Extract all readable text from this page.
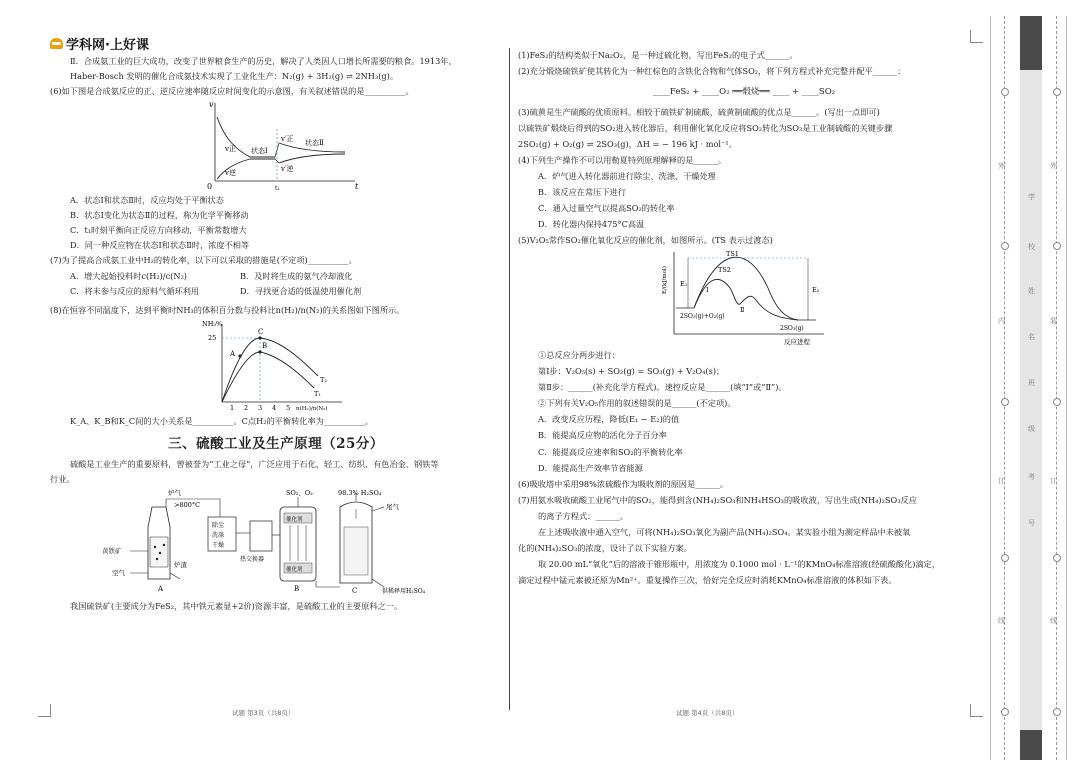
学科网·上好课

Ⅱ．合成氨工业的巨大成功，改变了世界粮食生产的历史，解决了人类因人口增长所需要的粮食。1913年，

Haber-Bosch 发明的催化合成氨技术实现了工业化生产：N₂(g) + 3H₂(g) ⇌ 2NH₃(g)。

(6)如下图是合成氨反应的正、逆反应速率随反应时间变化的示意图，有关叙述错误的是__________。

v
t
0
v正
v逆
v′正
v′逆
状态Ⅰ
状态Ⅱ
t₁

A．状态Ⅰ和状态Ⅱ时，反应均处于平衡状态

B．状态Ⅰ变化为状态Ⅱ的过程，称为化学平衡移动

C．t₁时刻平衡向正反应方向移动，平衡常数增大

D．同一种反应物在状态Ⅰ和状态Ⅱ时，浓度不相等

(7)为了提高合成氨工业中H₂的转化率，以下可以采取的措施是(不定项)__________。

A．增大起始投料时c(H₂)/c(N₂)	B．及时将生成的氨气冷却液化

C．将未参与反应的原料气循环利用	D．寻找更合适的低温使用催化剂

(8)在恒容不同温度下，达到平衡时NH₃的体积百分数与投料比n(H₂)/n(N₂)的关系图如下图所示。

NH₃%
25
1 2 3 4 5 n(H₂)/n(N₂)
A
B
C
T₂
T₁

K_A、K_B和K_C间的大小关系是__________。C点H₂的平衡转化率为__________。

三、硫酸工业及生产原理（25分）

硫酸是工业生产的重要原料，曾被誉为“工业之母”，广泛应用于石化、轻工、纺织、有色冶金、钢铁等

行业。

炉气
>800°C
黄铁矿
空气
炉渣
A
除尘
洗涤
干燥
热交换器
催化剂
催化剂
B
SO₂、O₂	98.3% H₂SO₄
尾气
C	供稀释用H₂SO₄

我国硫铁矿(主要成分为FeS₂，其中铁元素显+2价)资源丰富，是硫酸工业的主要原料之一。

(1)FeS₂的结构类似于Na₂O₂，是一种过硫化物，写出FeS₂的电子式______。

(2)充分煅烧硫铁矿使其转化为一种红棕色的含铁化合物和气体SO₂，将下列方程式补充完整并配平______：

____FeS₂ + ____O₂ ══煅烧══ ____ + ____SO₂

(3)硫黄是生产硫酸的优质原料。相较于硫铁矿制硫酸，硫黄制硫酸的优点是______。(写出一点即可)

以硫铁矿煅烧后得到的SO₂进入转化器后，利用催化氧化反应将SO₂转化为SO₃是工业制硫酸的关键步骤

2SO₂(g) + O₂(g) ⇌ 2SO₃(g)，ΔH = − 196 kJ · mol⁻¹。

(4)下列生产操作不可以用勒夏特列原理解释的是______。

A．炉气进入转化器前进行除尘、洗涤、干燥处理

B．该反应在常压下进行

C．通入过量空气以提高SO₂的转化率

D．转化器内保持475°C高温

(5)V₂O₅常作SO₂催化氧化反应的催化剂，如图所示。(TS 表示过渡态)

E/(kJ/mol)
反应进程
TS1
TS2
E₁
E₂
Ⅰ
Ⅱ
2SO₂(g)+O₂(g)
2SO₃(g)

①总反应分两步进行：

第Ⅰ步：V₂O₅(s) + SO₂(g) = SO₃(g) + V₂O₄(s)；

第Ⅱ步：______(补充化学方程式)。速控反应是______(填“Ⅰ”或“Ⅱ”)。

②下列有关V₂O₅作用的叙述错误的是______(不定项)。

A．改变反应历程，降低(E₁ − E₂)的值

B．能提高反应物的活化分子百分率

C．能提高反应速率和SO₂的平衡转化率

D．能提高生产效率节省能源

(6)吸收塔中采用98%浓硫酸作为吸收剂的原因是______。

(7)用氨水吸收硫酸工业尾气中的SO₂，能得到含(NH₄)₂SO₃和NH₄HSO₃的吸收液，写出生成(NH₄)₂SO₃反应

的离子方程式：______。

在上述吸收液中通入空气，可将(NH₄)₂SO₃氧化为副产品(NH₄)₂SO₄。某实验小组为测定样品中未被氧

化的(NH₄)₂SO₃的浓度，设计了以下实验方案。

取 20.00 mL“氧化”后的溶液于锥形瓶中，用浓度为 0.1000 mol · L⁻¹的KMnO₄标准溶液(经硫酸酸化)滴定，

滴定过程中锰元素被还原为Mn²⁺。重复操作三次，恰好完全反应时消耗KMnO₄标准溶液的体积如下表。

试题 第3页（共8页）	试题 第4页（共8页）
外
内
订
线
外
装
订
线
学
校
姓
名
班
级
考
号
